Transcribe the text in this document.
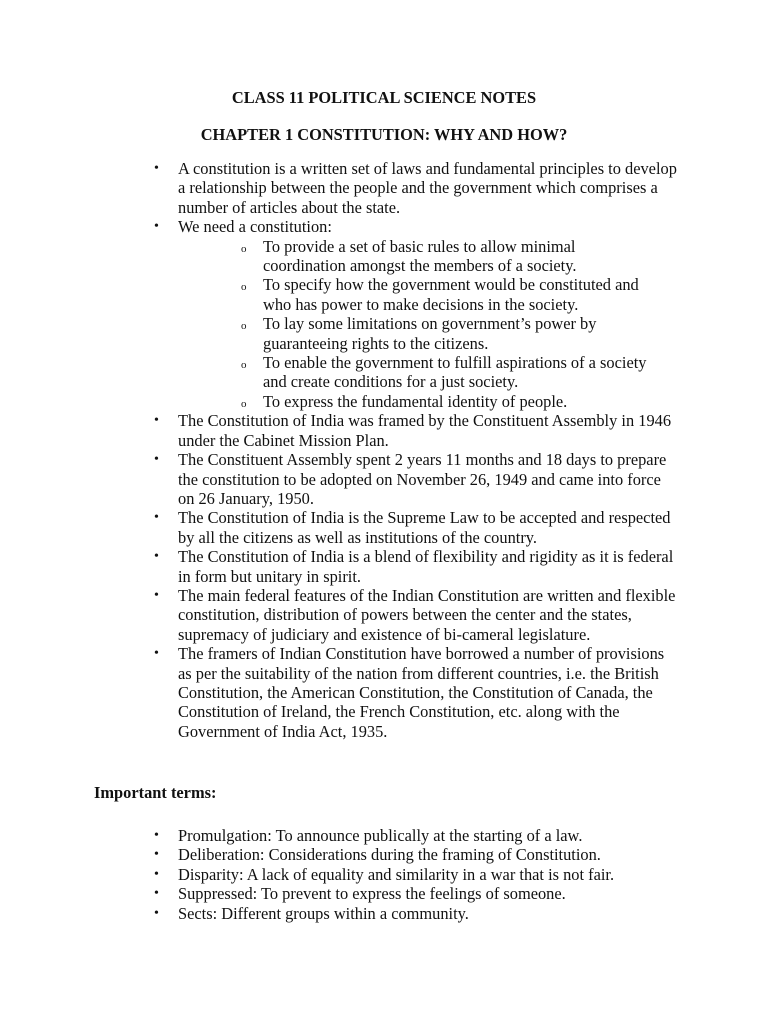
CLASS 11 POLITICAL SCIENCE NOTES

CHAPTER 1 CONSTITUTION: WHY AND HOW?

• A constitution is a written set of laws and fundamental principles to develop a relationship between the people and the government which comprises a number of articles about the state.
• We need a constitution:
o To provide a set of basic rules to allow minimal coordination amongst the members of a society.
o To specify how the government would be constituted and who has power to make decisions in the society.
o To lay some limitations on government’s power by guaranteeing rights to the citizens.
o To enable the government to fulfill aspirations of a society and create conditions for a just society.
o To express the fundamental identity of people.
• The Constitution of India was framed by the Constituent Assembly in 1946 under the Cabinet Mission Plan.
• The Constituent Assembly spent 2 years 11 months and 18 days to prepare the constitution to be adopted on November 26, 1949 and came into force on 26 January, 1950.
• The Constitution of India is the Supreme Law to be accepted and respected by all the citizens as well as institutions of the country.
• The Constitution of India is a blend of flexibility and rigidity as it is federal in form but unitary in spirit.
• The main federal features of the Indian Constitution are written and flexible constitution, distribution of powers between the center and the states, supremacy of judiciary and existence of bi-cameral legislature.
• The framers of Indian Constitution have borrowed a number of provisions as per the suitability of the nation from different countries, i.e. the British Constitution, the American Constitution, the Constitution of Canada, the Constitution of Ireland, the French Constitution, etc. along with the Government of India Act, 1935.

Important terms:

• Promulgation: To announce publically at the starting of a law.
• Deliberation: Considerations during the framing of Constitution.
• Disparity: A lack of equality and similarity in a war that is not fair.
• Suppressed: To prevent to express the feelings of someone.
• Sects: Different groups within a community.
